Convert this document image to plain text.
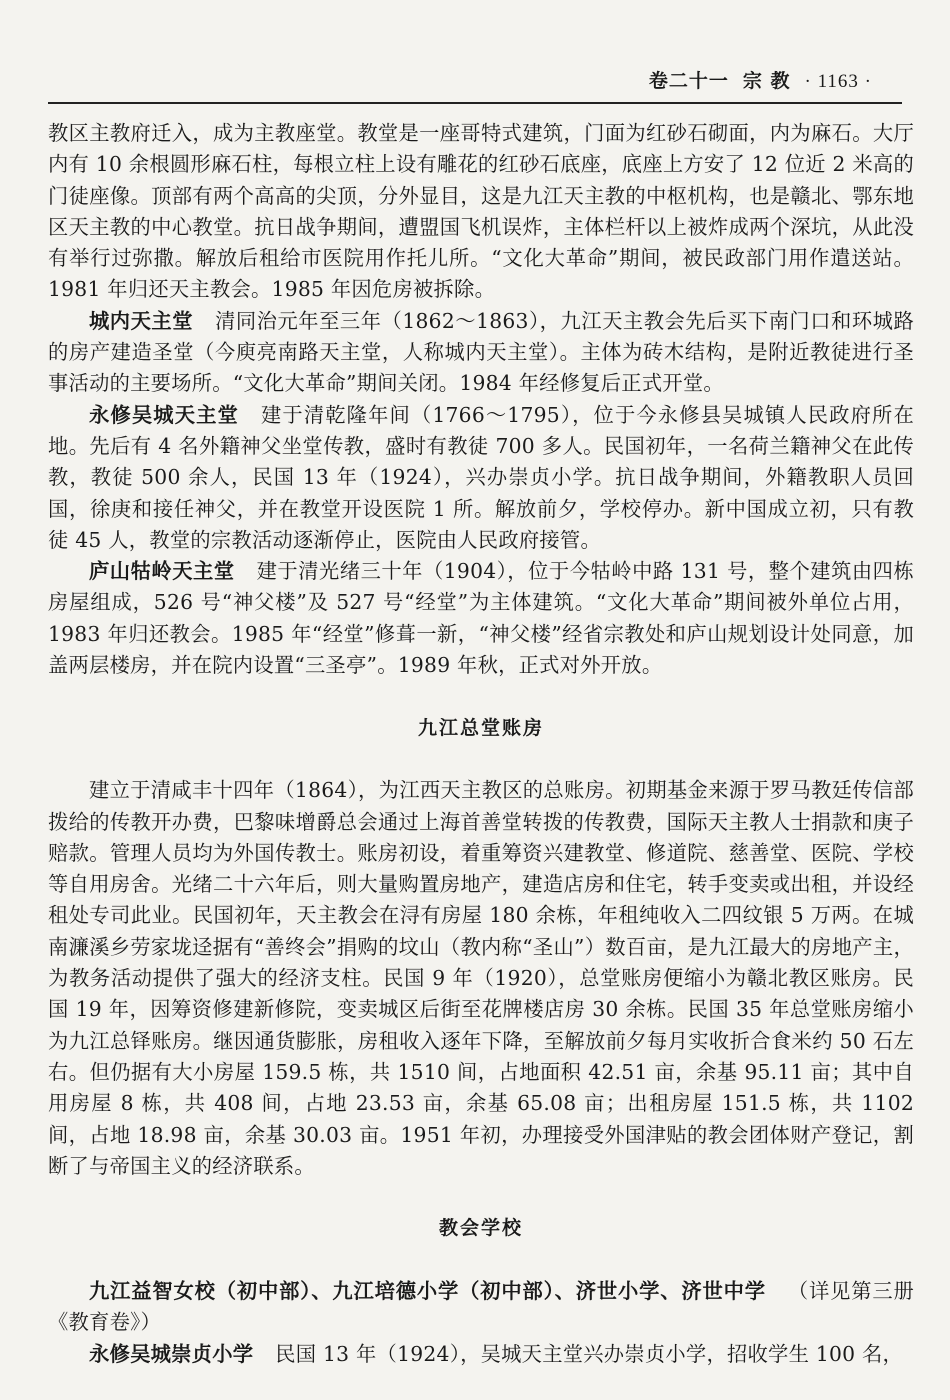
卷二十一 宗 教 · 1163 ·

教区主教府迁入，成为主教座堂。教堂是一座哥特式建筑，门面为红砂石砌面，内为麻石。大厅内有 10 余根圆形麻石柱，每根立柱上设有雕花的红砂石底座，底座上方安了 12 位近 2 米高的门徒座像。顶部有两个高高的尖顶，分外显目，这是九江天主教的中枢机构，也是赣北、鄂东地区天主教的中心教堂。抗日战争期间，遭盟国飞机误炸，主体栏杆以上被炸成两个深坑，从此没有举行过弥撒。解放后租给市医院用作托儿所。“文化大革命”期间，被民政部门用作遣送站。1981 年归还天主教会。1985 年因危房被拆除。

城内天主堂 清同治元年至三年（1862～1863），九江天主教会先后买下南门口和环城路的房产建造圣堂（今庾亮南路天主堂，人称城内天主堂）。主体为砖木结构，是附近教徒进行圣事活动的主要场所。“文化大革命”期间关闭。1984 年经修复后正式开堂。

永修吴城天主堂 建于清乾隆年间（1766～1795），位于今永修县吴城镇人民政府所在地。先后有 4 名外籍神父坐堂传教，盛时有教徒 700 多人。民国初年，一名荷兰籍神父在此传教，教徒 500 余人，民国 13 年（1924），兴办崇贞小学。抗日战争期间，外籍教职人员回国，徐庚和接任神父，并在教堂开设医院 1 所。解放前夕，学校停办。新中国成立初，只有教徒 45 人，教堂的宗教活动逐渐停止，医院由人民政府接管。

庐山牯岭天主堂 建于清光绪三十年（1904），位于今牯岭中路 131 号，整个建筑由四栋房屋组成，526 号“神父楼”及 527 号“经堂”为主体建筑。“文化大革命”期间被外单位占用，1983 年归还教会。1985 年“经堂”修葺一新，“神父楼”经省宗教处和庐山规划设计处同意，加盖两层楼房，并在院内设置“三圣亭”。1989 年秋，正式对外开放。

九江总堂账房

建立于清咸丰十四年（1864），为江西天主教区的总账房。初期基金来源于罗马教廷传信部拨给的传教开办费，巴黎味增爵总会通过上海首善堂转拨的传教费，国际天主教人士捐款和庚子赔款。管理人员均为外国传教士。账房初设，着重筹资兴建教堂、修道院、慈善堂、医院、学校等自用房舍。光绪二十六年后，则大量购置房地产，建造店房和住宅，转手变卖或出租，并设经租处专司此业。民国初年，天主教会在浔有房屋 180 余栋，年租纯收入二四纹银 5 万两。在城南濂溪乡劳家垅迳据有“善终会”捐购的坟山（教内称“圣山”）数百亩，是九江最大的房地产主，为教务活动提供了强大的经济支柱。民国 9 年（1920），总堂账房便缩小为赣北教区账房。民国 19 年，因筹资修建新修院，变卖城区后街至花牌楼店房 30 余栋。民国 35 年总堂账房缩小为九江总铎账房。继因通货膨胀，房租收入逐年下降，至解放前夕每月实收折合食米约 50 石左右。但仍据有大小房屋 159.5 栋，共 1510 间，占地面积 42.51 亩，余基 95.11 亩；其中自用房屋 8 栋，共 408 间，占地 23.53 亩，余基 65.08 亩；出租房屋 151.5 栋，共 1102 间，占地 18.98 亩，余基 30.03 亩。1951 年初，办理接受外国津贴的教会团体财产登记，割断了与帝国主义的经济联系。

教会学校

九江益智女校（初中部）、九江培德小学（初中部）、济世小学、济世中学 （详见第三册《教育卷》）

永修吴城崇贞小学 民国 13 年（1924），吴城天主堂兴办崇贞小学，招收学生 100 名，
